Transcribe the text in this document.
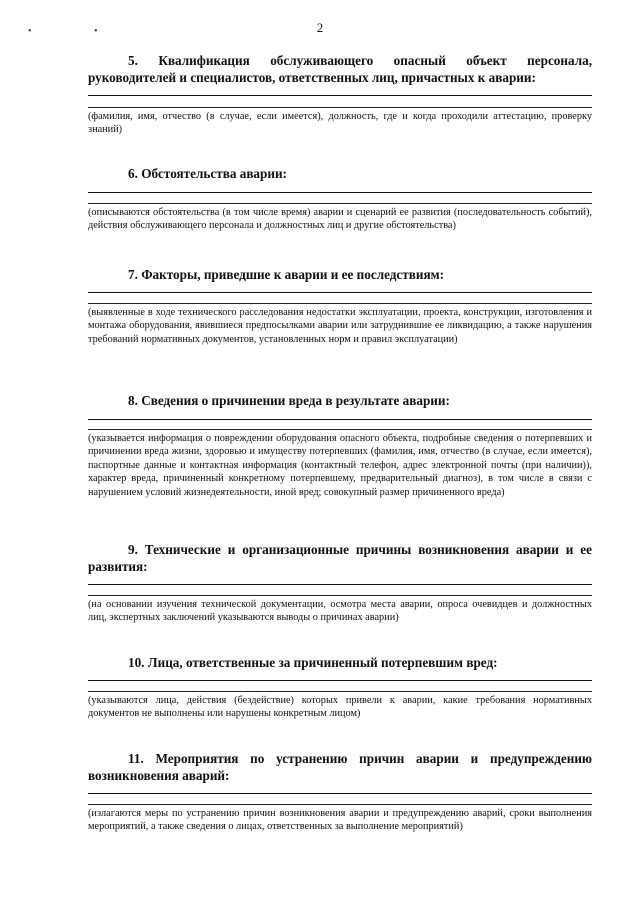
2
• •

5. Квалификация обслуживающего опасный объект персонала, руководителей и специалистов, ответственных лиц, причастных к аварии:

(фамилия, имя, отчество (в случае, если имеется), должность, где и когда проходили аттестацию, проверку знаний)

6. Обстоятельства аварии:

(описываются обстоятельства (в том числе время) аварии и сценарий ее развития (последовательность событий), действия обслуживающего персонала и должностных лиц и другие обстоятельства)

7. Факторы, приведшие к аварии и ее последствиям:

(выявленные в ходе технического расследования недостатки эксплуатации, проекта, конструкции, изготовления и монтажа оборудования, явившиеся предпосылками аварии или затруднившие ее ликвидацию, а также нарушения требований нормативных документов, установленных норм и правил эксплуатации)

8. Сведения о причинении вреда в результате аварии:

(указывается информация о повреждении оборудования опасного объекта, подробные сведения о потерпевших и причинении вреда жизни, здоровью и имуществу потерпевших (фамилия, имя, отчество (в случае, если имеется), паспортные данные и контактная информация (контактный телефон, адрес электронной почты (при наличии)), характер вреда, причиненный конкретному потерпевшему, предварительный диагноз), в том числе в связи с нарушением условий жизнедеятельности, иной вред; совокупный размер причиненного вреда)

9. Технические и организационные причины возникновения аварии и ее развития:

(на основании изучения технической документации, осмотра места аварии, опроса очевидцев и должностных лиц, экспертных заключений указываются выводы о причинах аварии)

10. Лица, ответственные за причиненный потерпевшим вред:

(указываются лица, действия (бездействие) которых привели к аварии, какие требования нормативных документов не выполнены или нарушены конкретным лицом)

11. Мероприятия по устранению причин аварии и предупреждению возникновения аварий:

(излагаются меры по устранению причин возникновения аварии и предупреждению аварий, сроки выполнения мероприятий, а также сведения о лицах, ответственных за выполнение мероприятий)
